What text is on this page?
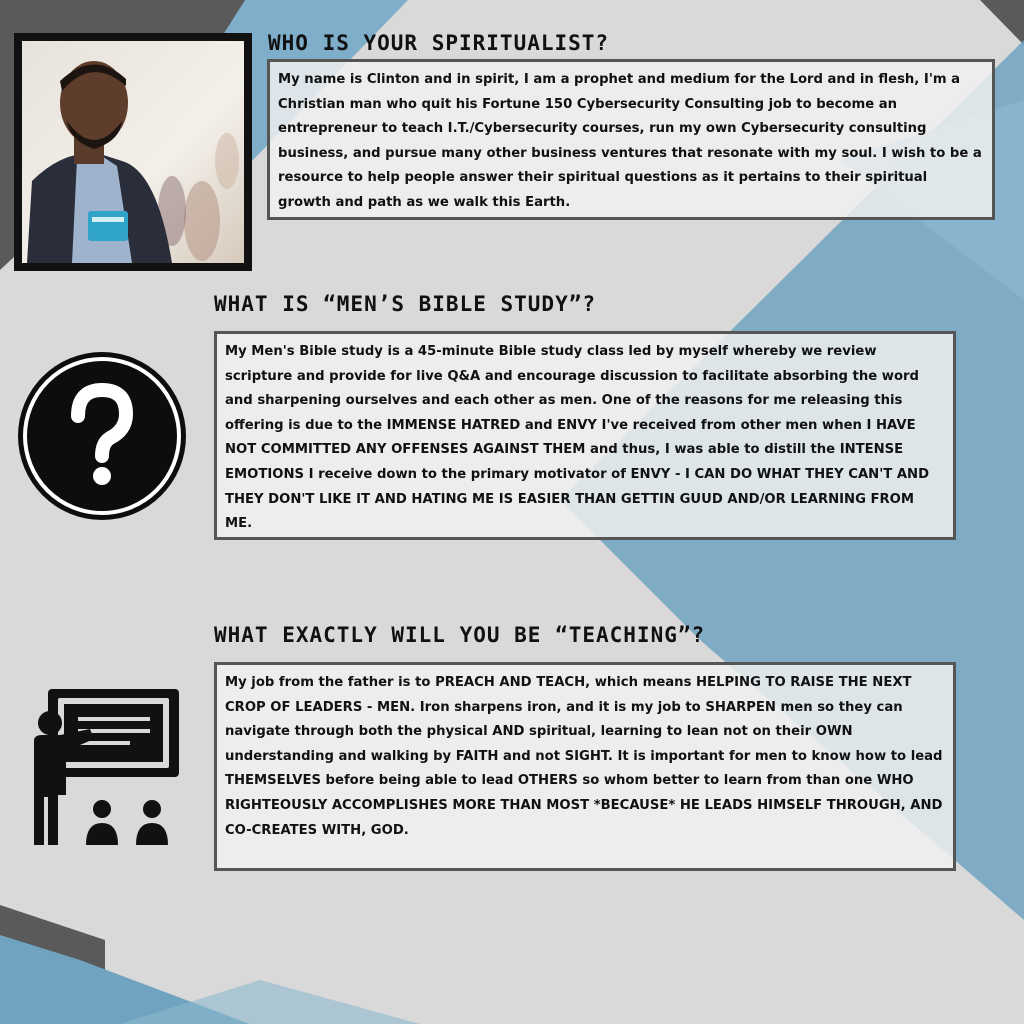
WHO IS YOUR SPIRITUALIST?
My name is Clinton and in spirit, I am a prophet and medium for the Lord and in flesh, I'm a Christian man who quit his Fortune 150 Cybersecurity Consulting job to become an entrepreneur to teach I.T./Cybersecurity courses, run my own Cybersecurity consulting business, and pursue many other business ventures that resonate with my soul. I wish to be a resource to help people answer their spiritual questions as it pertains to their spiritual growth and path as we walk this Earth.
WHAT IS “MEN’S BIBLE STUDY”?
My Men's Bible study is a 45-minute Bible study class led by myself whereby we review scripture and provide for live Q&A and encourage discussion to facilitate absorbing the word and sharpening ourselves and each other as men. One of the reasons for me releasing this offering is due to the IMMENSE HATRED and ENVY I've received from other men when I HAVE NOT COMMITTED ANY OFFENSES AGAINST THEM and thus, I was able to distill the INTENSE EMOTIONS I receive down to the primary motivator of ENVY - I CAN DO WHAT THEY CAN'T AND THEY DON'T LIKE IT AND HATING ME IS EASIER THAN GETTIN GUUD AND/OR LEARNING FROM ME.
WHAT EXACTLY WILL YOU BE “TEACHING”?
My job from the father is to PREACH AND TEACH, which means HELPING TO RAISE THE NEXT CROP OF LEADERS - MEN. Iron sharpens iron, and it is my job to SHARPEN men so they can navigate through both the physical AND spiritual, learning to lean not on their OWN understanding and walking by FAITH and not SIGHT. It is important for men to know how to lead THEMSELVES before being able to lead OTHERS so whom better to learn from than one WHO RIGHTEOUSLY ACCOMPLISHES MORE THAN MOST *BECAUSE* HE LEADS HIMSELF THROUGH, AND CO-CREATES WITH, GOD.
